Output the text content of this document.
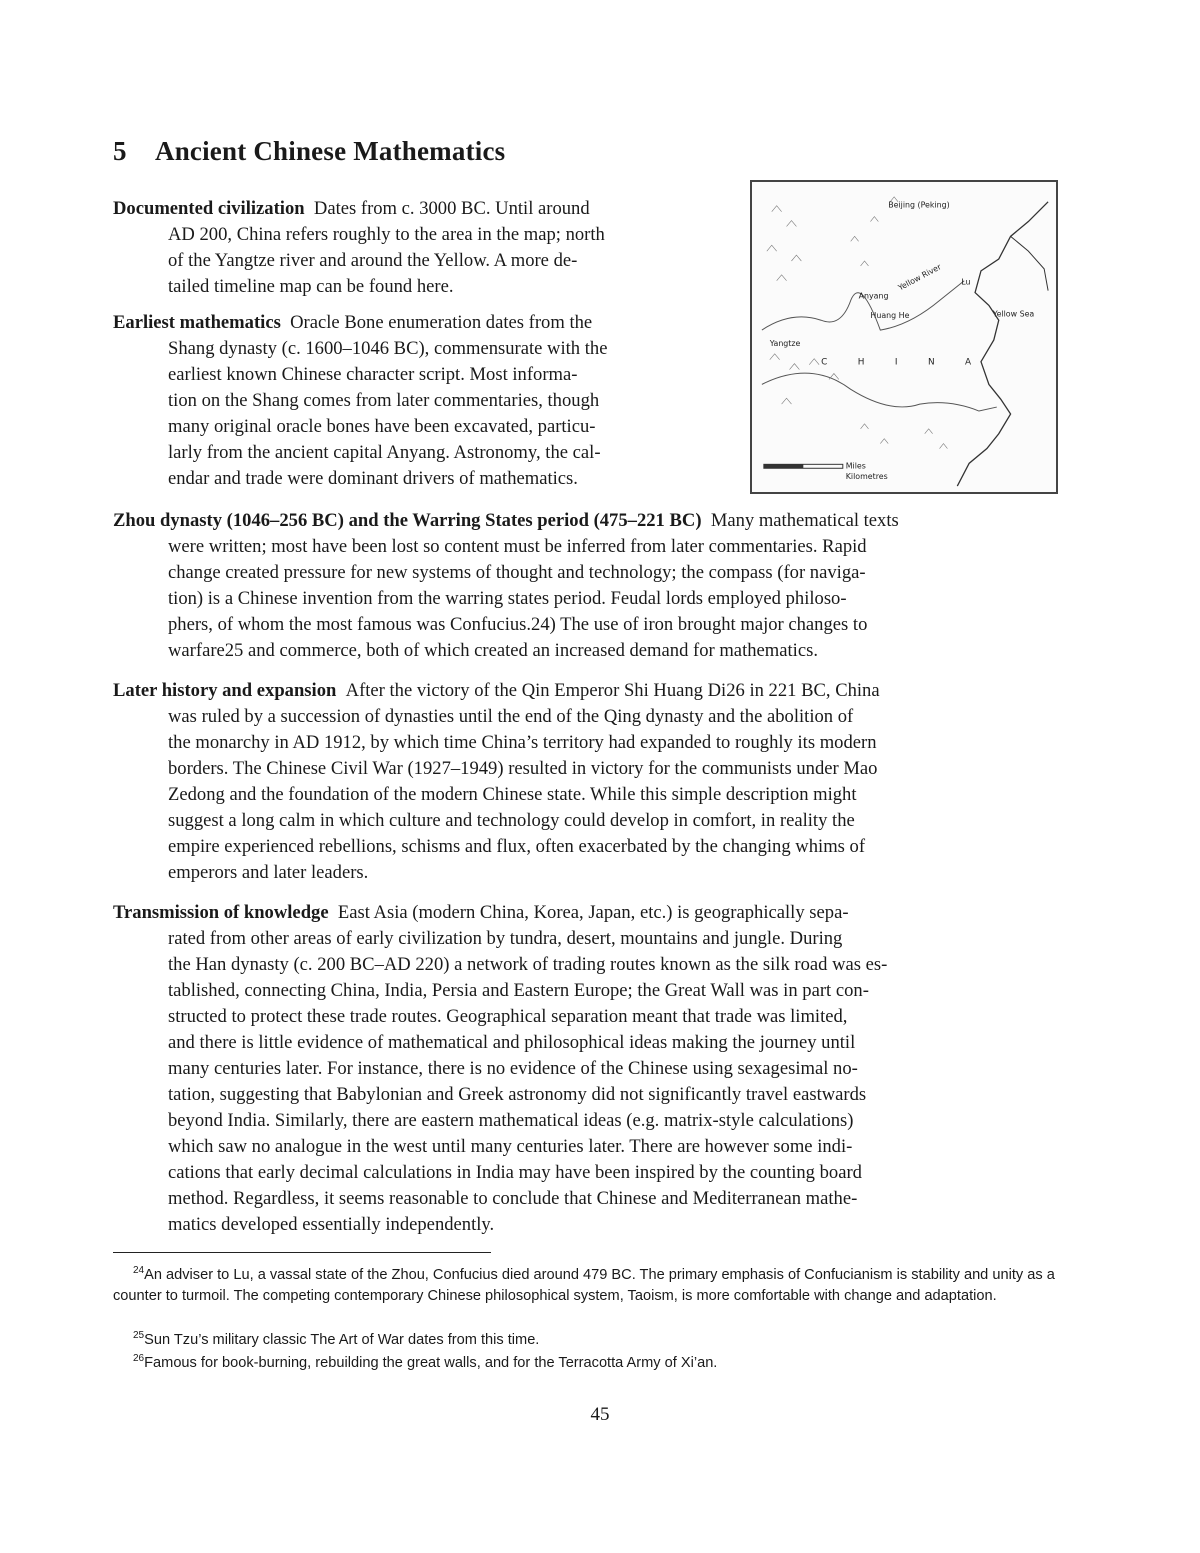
5 Ancient Chinese Mathematics
Documented civilization Dates from c. 3000 BC. Until around
AD 200, China refers roughly to the area in the map; north
of the Yangtze river and around the Yellow. A more de-
tailed timeline map can be found here.
Earliest mathematics Oracle Bone enumeration dates from the
Shang dynasty (c. 1600–1046 BC), commensurate with the
earliest known Chinese character script. Most informa-
tion on the Shang comes from later commentaries, though
many original oracle bones have been excavated, particu-
larly from the ancient capital Anyang. Astronomy, the cal-
endar and trade were dominant drivers of mathematics.
Beijing (Peking)
Anyang
Lu
Yellow Sea
Yangtze
C H I N A
Yellow River
Huang He
Miles
Kilometres
Zhou dynasty (1046–256 BC) and the Warring States period (475–221 BC) Many mathematical texts
were written; most have been lost so content must be inferred from later commentaries. Rapid
change created pressure for new systems of thought and technology; the compass (for naviga-
tion) is a Chinese invention from the warring states period. Feudal lords employed philoso-
phers, of whom the most famous was Confucius.24) The use of iron brought major changes to
warfare25 and commerce, both of which created an increased demand for mathematics.
Later history and expansion After the victory of the Qin Emperor Shi Huang Di26 in 221 BC, China
was ruled by a succession of dynasties until the end of the Qing dynasty and the abolition of
the monarchy in AD 1912, by which time China’s territory had expanded to roughly its modern
borders. The Chinese Civil War (1927–1949) resulted in victory for the communists under Mao
Zedong and the foundation of the modern Chinese state. While this simple description might
suggest a long calm in which culture and technology could develop in comfort, in reality the
empire experienced rebellions, schisms and flux, often exacerbated by the changing whims of
emperors and later leaders.
Transmission of knowledge East Asia (modern China, Korea, Japan, etc.) is geographically sepa-
rated from other areas of early civilization by tundra, desert, mountains and jungle. During
the Han dynasty (c. 200 BC–AD 220) a network of trading routes known as the silk road was es-
tablished, connecting China, India, Persia and Eastern Europe; the Great Wall was in part con-
structed to protect these trade routes. Geographical separation meant that trade was limited,
and there is little evidence of mathematical and philosophical ideas making the journey until
many centuries later. For instance, there is no evidence of the Chinese using sexagesimal no-
tation, suggesting that Babylonian and Greek astronomy did not significantly travel eastwards
beyond India. Similarly, there are eastern mathematical ideas (e.g. matrix-style calculations)
which saw no analogue in the west until many centuries later. There are however some indi-
cations that early decimal calculations in India may have been inspired by the counting board
method. Regardless, it seems reasonable to conclude that Chinese and Mediterranean mathe-
matics developed essentially independently.
$^{24}$An adviser to Lu, a vassal state of the Zhou, Confucius died around 479 BC. The primary emphasis of Confucianism is stability and unity as a counter to turmoil. The competing contemporary Chinese philosophical system, Taoism, is more comfortable with change and adaptation.
$^{25}$Sun Tzu’s military classic The Art of War dates from this time.
$^{26}$Famous for book-burning, rebuilding the great walls, and for the Terracotta Army of Xi’an.
45
